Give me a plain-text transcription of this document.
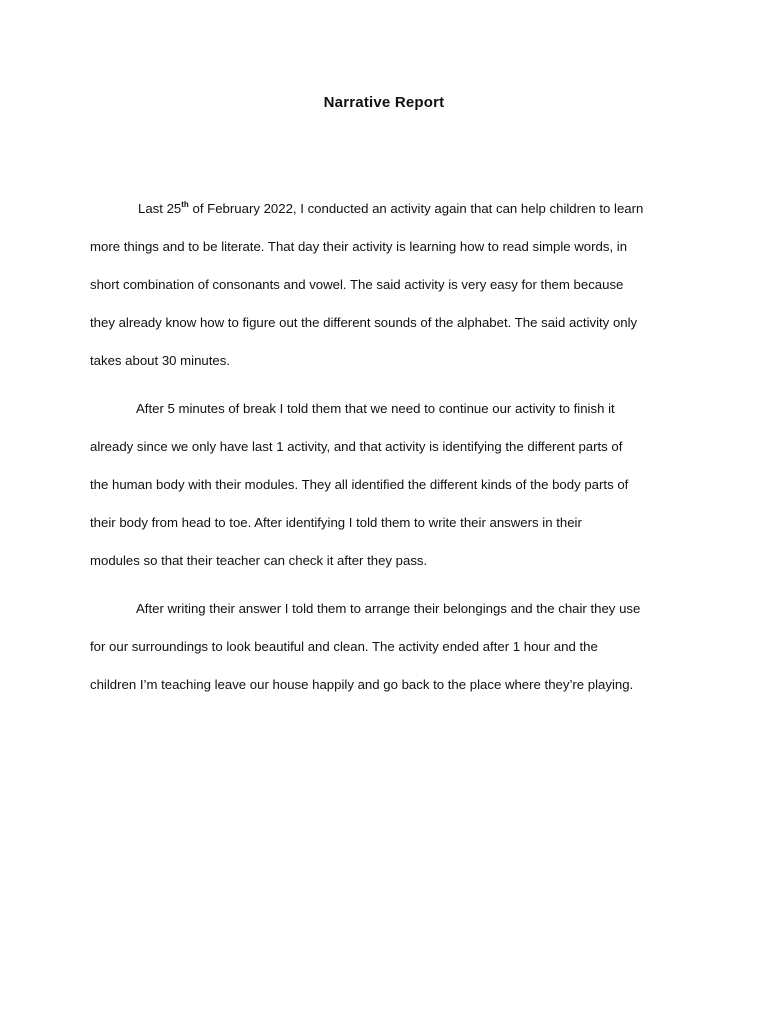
Narrative Report
Last 25th of February 2022, I conducted an activity again that can help children to learn
more things and to be literate. That day their activity is learning how to read simple words, in
short combination of consonants and vowel. The said activity is very easy for them because
they already know how to figure out the different sounds of the alphabet. The said activity only
takes about 30 minutes.
After 5 minutes of break I told them that we need to continue our activity to finish it
already since we only have last 1 activity, and that activity is identifying the different parts of
the human body with their modules. They all identified the different kinds of the body parts of
their body from head to toe. After identifying I told them to write their answers in their
modules so that their teacher can check it after they pass.
After writing their answer I told them to arrange their belongings and the chair they use
for our surroundings to look beautiful and clean. The activity ended after 1 hour and the
children I’m teaching leave our house happily and go back to the place where they’re playing.
